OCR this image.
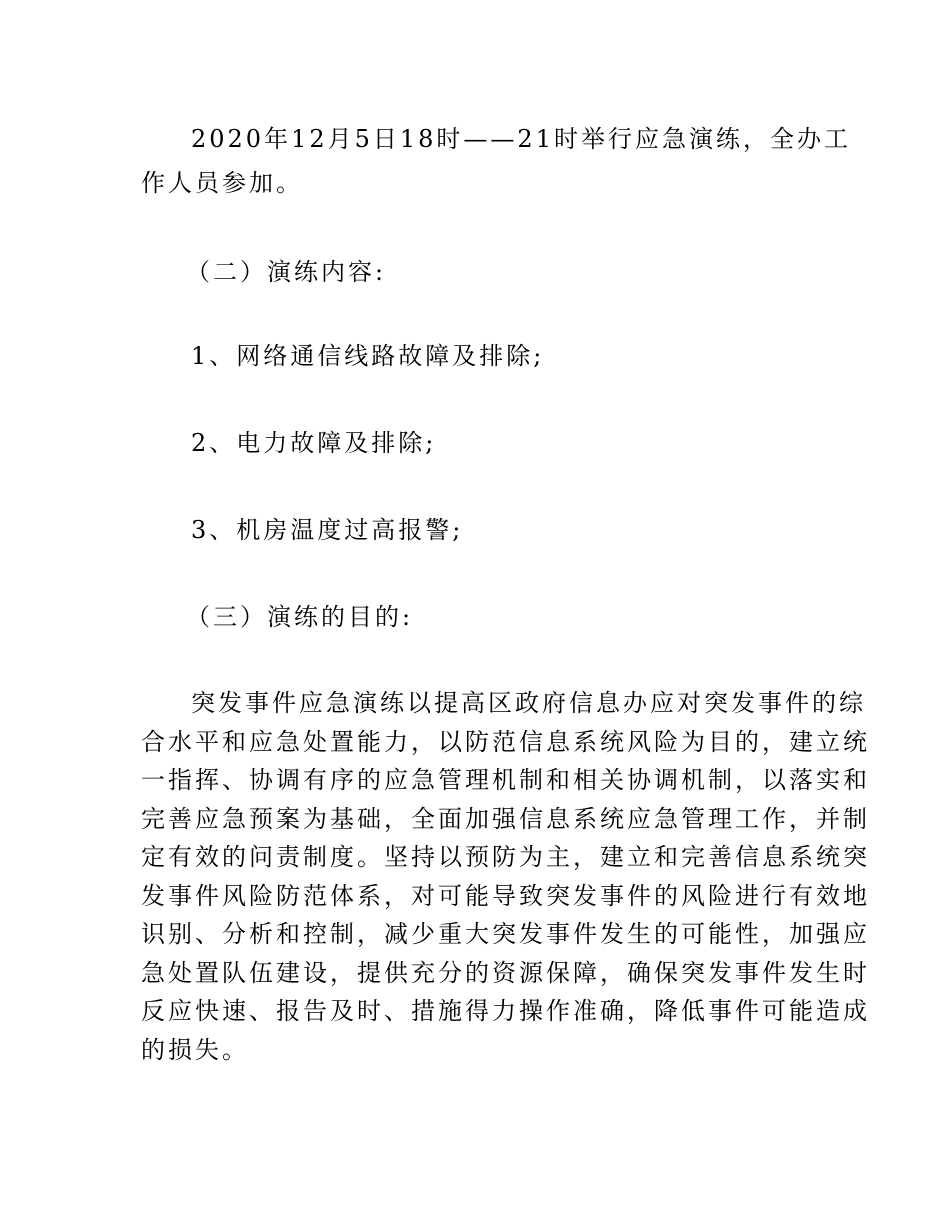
2020年12月5日18时——21时举行应急演练，全办工
作人员参加。
（二）演练内容:
1、网络通信线路故障及排除;
2、电力故障及排除;
3、机房温度过高报警;
（三）演练的目的:
突发事件应急演练以提高区政府信息办应对突发事件的综
合水平和应急处置能力，以防范信息系统风险为目的，建立统
一指挥、协调有序的应急管理机制和相关协调机制，以落实和
完善应急预案为基础，全面加强信息系统应急管理工作，并制
定有效的问责制度。坚持以预防为主，建立和完善信息系统突
发事件风险防范体系，对可能导致突发事件的风险进行有效地
识别、分析和控制，减少重大突发事件发生的可能性，加强应
急处置队伍建设，提供充分的资源保障，确保突发事件发生时
反应快速、报告及时、措施得力操作准确，降低事件可能造成
的损失。
